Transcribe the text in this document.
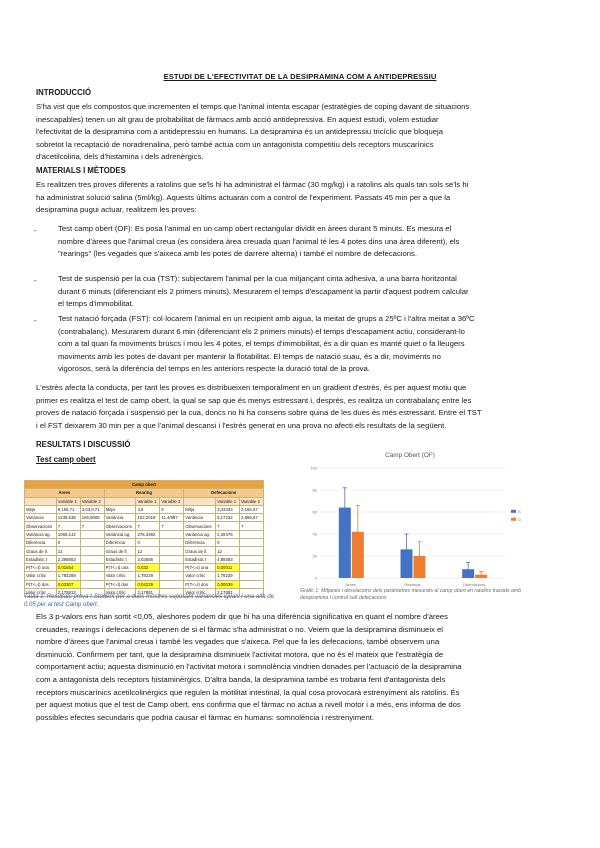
ESTUDI DE L'EFECTIVITAT DE LA DESIPRAMINA COM A ANTIDEPRESSIU
INTRODUCCIÓ
S'ha vist que els compostos que incrementen el temps que l'animal intenta escapar (estratègies de coping davant de situacions
inescapables) tenen un alt grau de probabilitat de fàrmacs amb acció antidepressiva. En aquest estudi, volem estudiar
l'efectivitat de la desipramina com a antidepressiu en humans. La desipramina és un antidepressiu tricíclic que bloqueja
sobretot la recaptació de noradrenalina, però també actua com un antagonista competitiu dels receptors muscarínics
d'acetilcolina, dels d'histamina i dels adrenèrgics.
MATERIALS I MÈTODES
Es realitzen tres proves diferents a ratolins que se'ls hi ha administrat el fàrmac (30 mg/kg) i a ratolins als quals tan sols se'ls hi
ha administrat solució salina (5ml/kg). Aquests últims actuaran com a control de l'experiment. Passats 45 min per a que la
desipramina pugui actuar, realitzem les proves:
-	Test camp obert (OF): Es posa l'animal en un camp obert rectangular dividit en àrees durant 5 minuts. Es mesura el
nombre d'àrees que l'animal creua (es considera àrea creuada quan l'animal té les 4 potes dins una àrea diferent), els
"rearings" (les vegades que s'aixeca amb les potes de darrere alterna) i també el nombre de defecacions.
-	Test de suspensió per la cua (TST): subjectarem l'animal per la cua mitjançant cinta adhesiva, a una barra horitzontal
durant 6 minuts (diferenciant els 2 primers minuts). Mesurarem el temps d'escapament ia partir d'aquest podrem calcular
el temps d'immobilitat.
-	Test natació forçada (FST): col·locarem l'animal en un recipient amb aigua, la meitat de grups a 25ºC i l'altra meitat a 36ºC
(contrabalanç). Mesurarem durant 6 min (diferenciant els 2 primers minuts) el temps d'escapament actiu, considerant-lo
com a tal quan fa moviments bruscs i mou les 4 potes, el temps d'immobilitat, és a dir quan es manté quiet o fa lleugers
moviments amb les potes de davant per mantenir la flotabilitat. El temps de natació suau, és a dir, moviments no
vigorosos, serà la diferència del temps en les anteriors respecte la duració total de la prova.
L'estrès afecta la conducta, per tant les proves es distribueixen temporalment en un gradient d'estrès, és per aquest motiu que
primer es realitza el test de camp obert, la qual se sap que és menys estressant i, després, es realitza un contrabalanç entre les
proves de natació forçada i suspensió per la cua, doncs no hi ha consens sobre quina de les dues és més estressant. Entre el TST
i el FST deixarem 30 min per a que l'animal descansi i l'estrès generat en una prova no afecti els resultats de la següent.
RESULTATS I DISCUSSIÓ
Test camp obert
Camp obert								
Àrees			Rearing			Defecacions		
	Variable 1	Variable 2		Variable 1	Variable 2		Variable 1	Variable 2
Mitja	9,165,71	3,03,0,71	Mitja	4,5	5	Mitja	3,33333	2,166,57
Variància	1238,638	165,9005	Variància	102,2019	11,4/987	Variància	5,17232	2,866,67
Observacions	7	7	Observacions	7	7	Observacions	7	7
Variància ag.	1065,142		Variància ag.	276,3392		Variància ag.	2,39476	
Diferència	0		Diferència	0		Diferència	0	
Graus de ll.	12		Graus de ll.	12		Graus de ll.	12	
Estadístic t	2,398853		Estadístic t	2,02685		Estadístic t	4,85583	
P(T<=t) una	0,01654		P(T<=t) una	0,032		P(T<=t) una	0,00011	
Valor crític	1,782288		Valor crític	1,78229		Valor crític	1,78229	
P(T<=t) dos	0,03307		P(T<=t) dos	0,04229		P(T<=t) dos	0,00039	
Valor crític	2,178813		Valor crític	2,17881		Valor crític	2,17881	
Taula 1: Resultats prova t-Student per a dues mostres suposant variàncies iguals i una alfa de 0,05 per al test Camp obert.
Camp Obert (OF)
0
20
40
60
80
100
Àrees	Rearings	Defecacions
S
D
Gràfic 1: Mitjanes i desviacions dels paràmetres mesurats al camp obert en ratolins tractats amb desipramina i control salí defecacions
Els 3 p-valors ens han sortit <0,05, aleshores podem dir que hi ha una diferència significativa en quant el nombre d'àrees
creuades, rearings i defecacions depenen de si el fàrmac s'ha administrat o no. Veiem que la desipramina disminueix el
nombre d'àrees que l'animal creua i també les vegades que s'aixeca. Pel que fa les defecacions, també observem una
disminució. Confirmem per tant, que la desipramina disminueix l'activitat motora, que no és el mateix que l'estratègia de
comportament actiu; aquesta disminució en l'activitat motora i somnolència vindrien donades per l'actuació de la desipramina
com a antagonista dels receptors histaminèrgics. D'altra banda, la desipramina també es trobaria fent d'antagonista dels
receptors muscarínics acetilcolinèrgics que regulen la motilitat intestinal, la qual cosa provocarà estrenyiment als ratolins. És
per aquest motius que el test de Camp obert, ens confirma que el fàrmac no actua a nivell motor i a més, ens informa de dos
possibles efectes secundaris que podria causar el fàrmac en humans: somnolència i restrenyiment.
